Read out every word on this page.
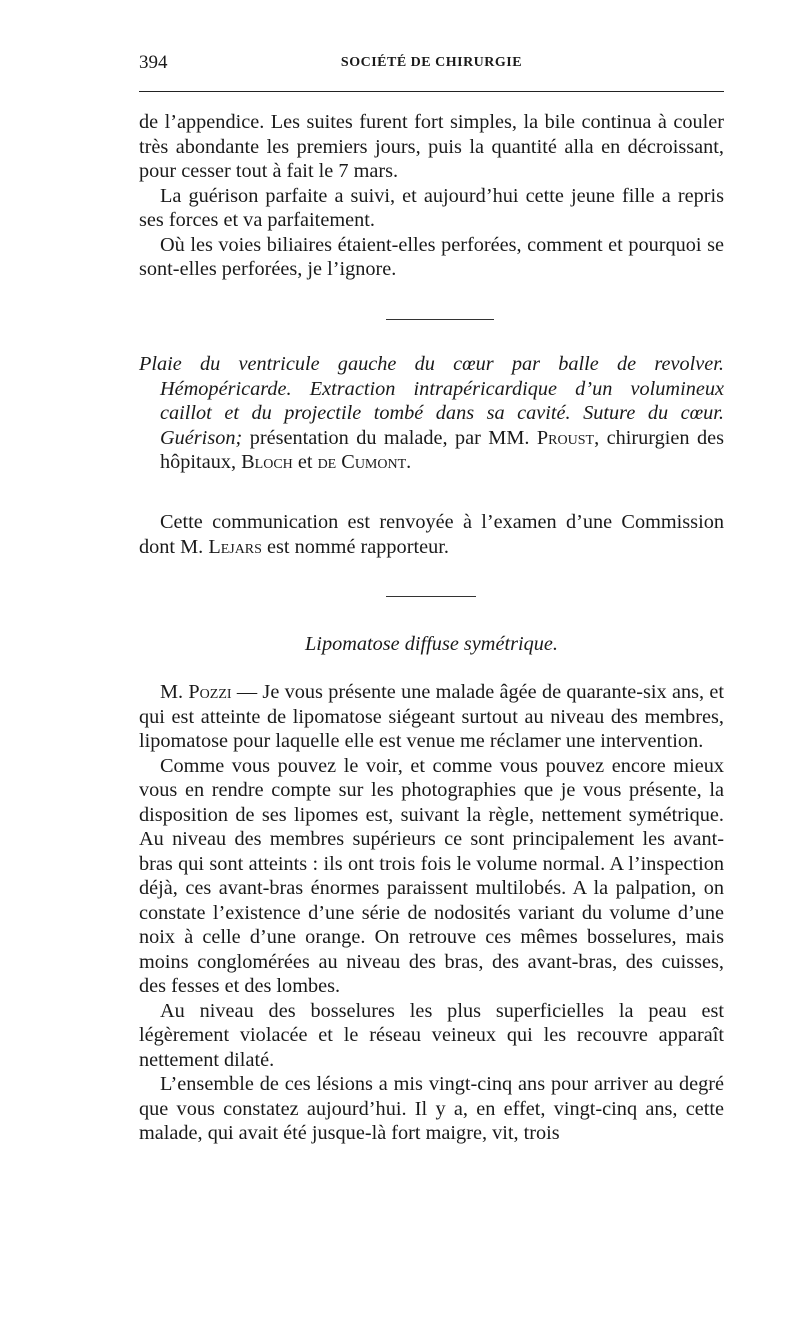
394	SOCIÉTÉ DE CHIRURGIE

de l’appendice. Les suites furent fort simples, la bile continua à couler très abondante les premiers jours, puis la quantité alla en décroissant, pour cesser tout à fait le 7 mars.

La guérison parfaite a suivi, et aujourd’hui cette jeune fille a repris ses forces et va parfaitement.

Où les voies biliaires étaient-elles perforées, comment et pourquoi se sont-elles perforées, je l’ignore.

Plaie du ventricule gauche du cœur par balle de revolver. Hémopéricarde. Extraction intrapéricardique d’un volumineux caillot et du projectile tombé dans sa cavité. Suture du cœur. Guérison; présentation du malade, par MM. Proust, chirurgien des hôpitaux, Bloch et de Cumont.

Cette communication est renvoyée à l’examen d’une Commission dont M. Lejars est nommé rapporteur.

Lipomatose diffuse symétrique.

M. Pozzi — Je vous présente une malade âgée de quarante-six ans, et qui est atteinte de lipomatose siégeant surtout au niveau des membres, lipomatose pour laquelle elle est venue me réclamer une intervention.

Comme vous pouvez le voir, et comme vous pouvez encore mieux vous en rendre compte sur les photographies que je vous présente, la disposition de ses lipomes est, suivant la règle, nettement symétrique. Au niveau des membres supérieurs ce sont principalement les avant-bras qui sont atteints : ils ont trois fois le volume normal. A l’inspection déjà, ces avant-bras énormes paraissent multilobés. A la palpation, on constate l’existence d’une série de nodosités variant du volume d’une noix à celle d’une orange. On retrouve ces mêmes bosselures, mais moins conglomérées au niveau des bras, des avant-bras, des cuisses, des fesses et des lombes.

Au niveau des bosselures les plus superficielles la peau est légèrement violacée et le réseau veineux qui les recouvre apparaît nettement dilaté.

L’ensemble de ces lésions a mis vingt-cinq ans pour arriver au degré que vous constatez aujourd’hui. Il y a, en effet, vingt-cinq ans, cette malade, qui avait été jusque-là fort maigre, vit, trois
